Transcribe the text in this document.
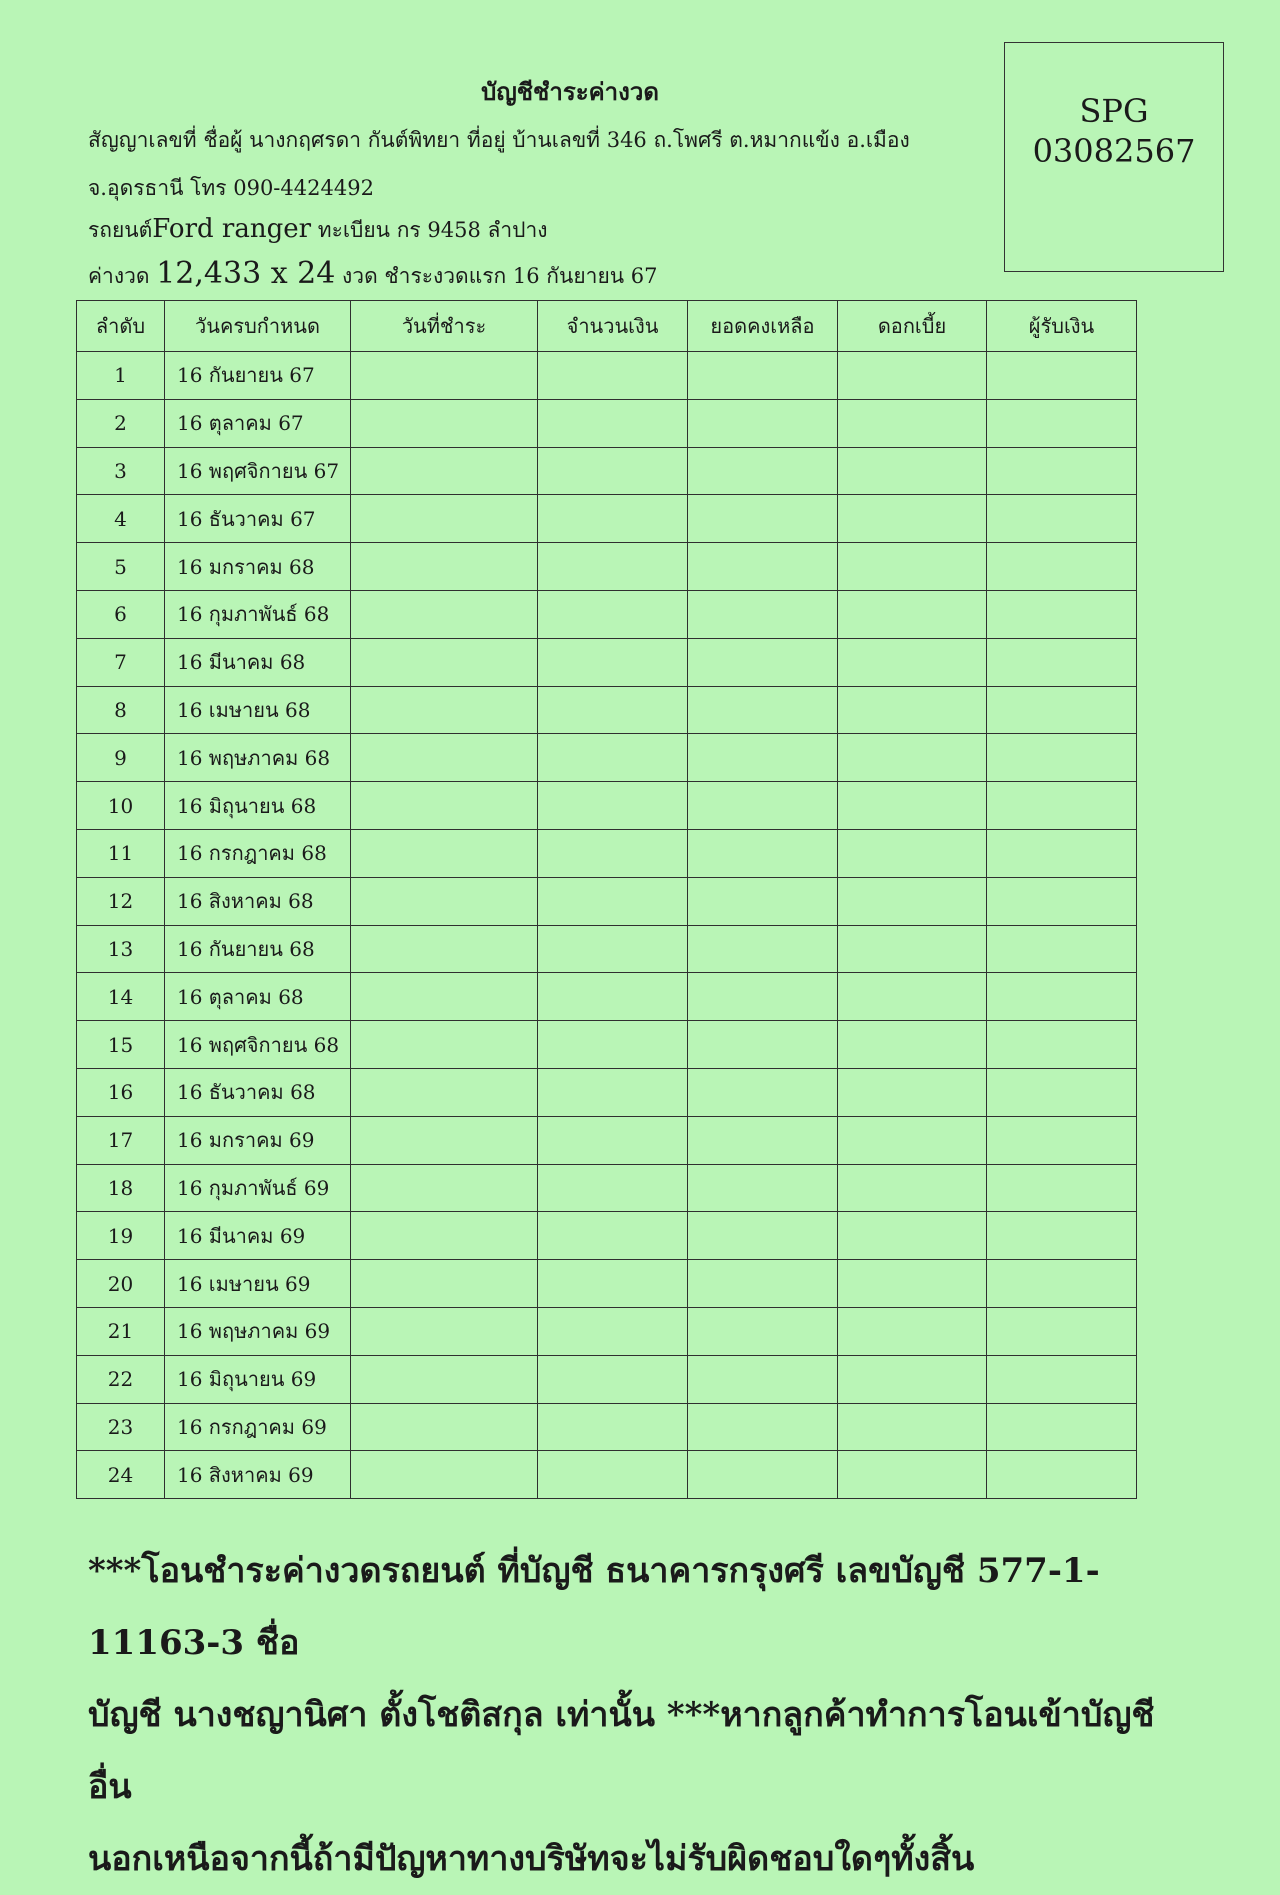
บัญชีชำระค่างวด
สัญญาเลขที่ ชื่อผู้ นางกฤศรดา กันต์พิทยา ที่อยู่ บ้านเลขที่ 346 ถ.โพศรี ต.หมากแข้ง อ.เมือง
จ.อุดรธานี โทร 090-4424492
รถยนต์Ford ranger ทะเบียน กร 9458 ลำปาง
ค่างวด 12,433 x 24 งวด ชำระงวดแรก 16 กันยายน 67
SPG
03082567
ลำดับ	วันครบกำหนด	วันที่ชำระ	จำนวนเงิน	ยอดคงเหลือ	ดอกเบี้ย	ผู้รับเงิน
1	16 กันยายน 67					
2	16 ตุลาคม 67					
3	16 พฤศจิกายน 67					
4	16 ธันวาคม 67					
5	16 มกราคม 68					
6	16 กุมภาพันธ์ 68					
7	16 มีนาคม 68					
8	16 เมษายน 68					
9	16 พฤษภาคม 68					
10	16 มิถุนายน 68					
11	16 กรกฎาคม 68					
12	16 สิงหาคม 68					
13	16 กันยายน 68					
14	16 ตุลาคม 68					
15	16 พฤศจิกายน 68					
16	16 ธันวาคม 68					
17	16 มกราคม 69					
18	16 กุมภาพันธ์ 69					
19	16 มีนาคม 69					
20	16 เมษายน 69					
21	16 พฤษภาคม 69					
22	16 มิถุนายน 69					
23	16 กรกฎาคม 69					
24	16 สิงหาคม 69					
***โอนชำระค่างวดรถยนต์ ที่บัญชี ธนาคารกรุงศรี เลขบัญชี 577-1-11163-3 ชื่อ
บัญชี นางชญานิศา ตั้งโชติสกุล เท่านั้น ***หากลูกค้าทำการโอนเข้าบัญชีอื่น
นอกเหนือจากนี้ถ้ามีปัญหาทางบริษัทจะไม่รับผิดชอบใดๆทั้งสิ้น
